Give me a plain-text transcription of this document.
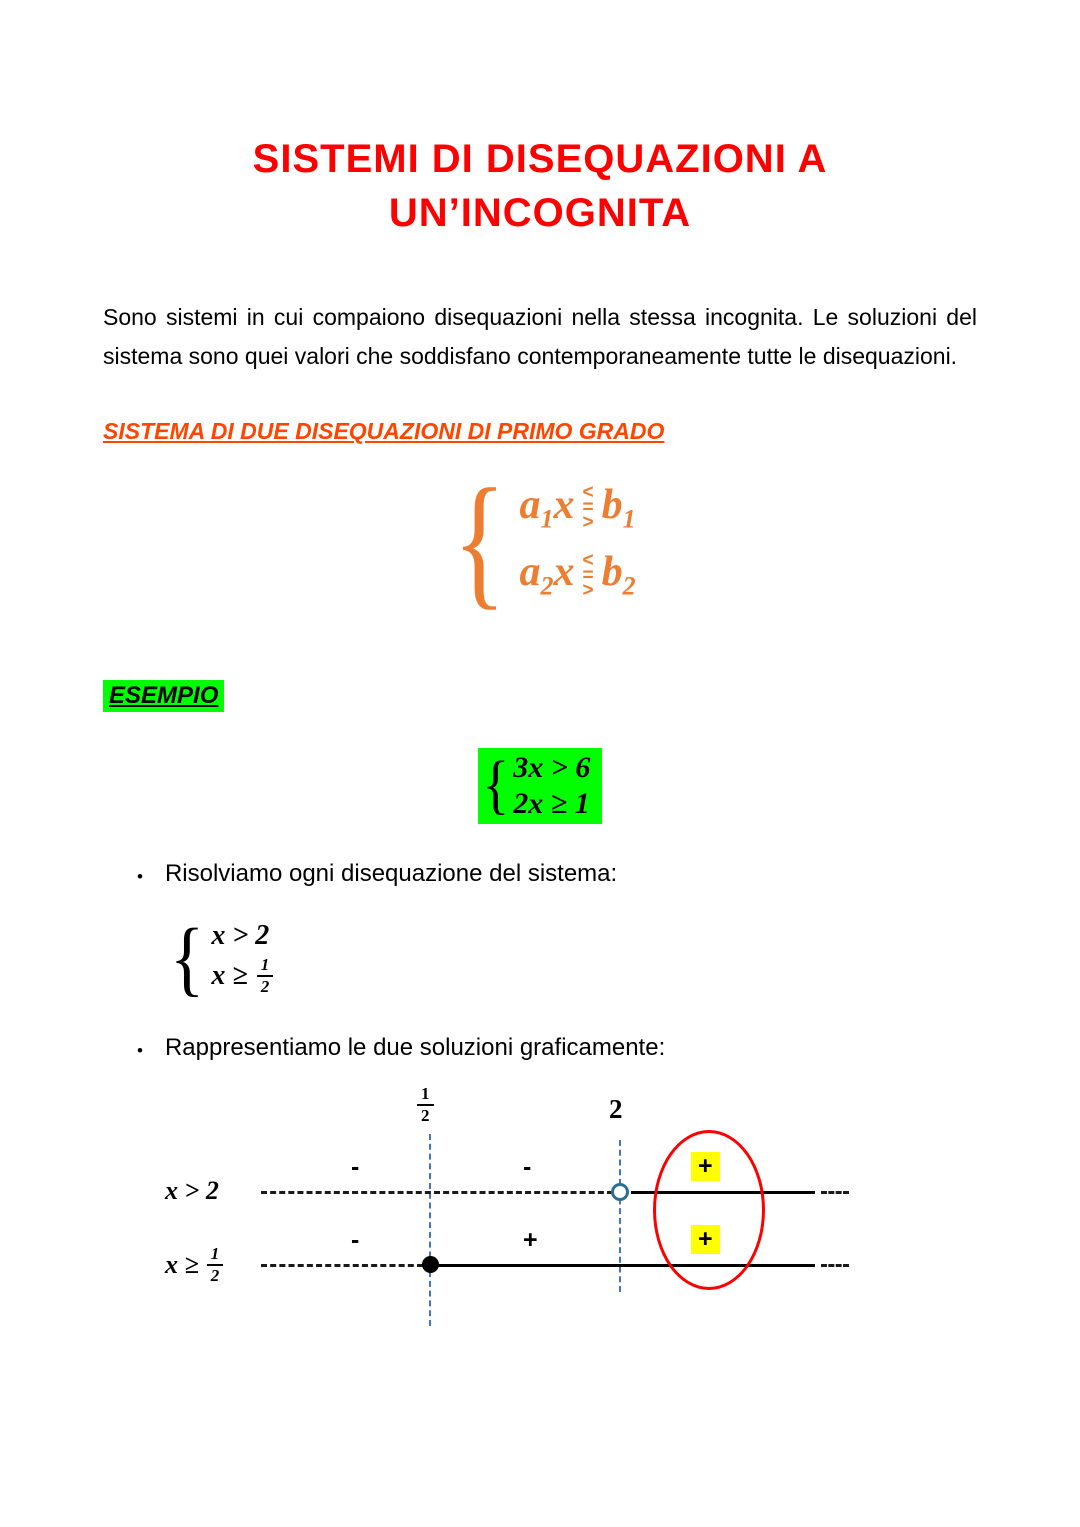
SISTEMI DI DISEQUAZIONI A
UN’INCOGNITA

Sono sistemi in cui compaiono disequazioni nella stessa incognita. Le soluzioni del sistema sono quei valori che soddisfano contemporaneamente tutte le disequazioni.

SISTEMA DI DUE DISEQUAZIONI DI PRIMO GRADO
{ $a_1x$ <
=
> $b_1$
$a_2x$ <
=
> $b_2$
ESEMPIO
{ 3x > 6
2x ≥ 1
• Risolviamo ogni disequazione del sistema:
{ x > 2
$x \ge \frac{1}{2}$
• Rappresentiamo le due soluzioni graficamente:
$\frac{1}{2}$	2
x > 2
-	-	+
$x \ge \frac{1}{2}$
-	+	+
